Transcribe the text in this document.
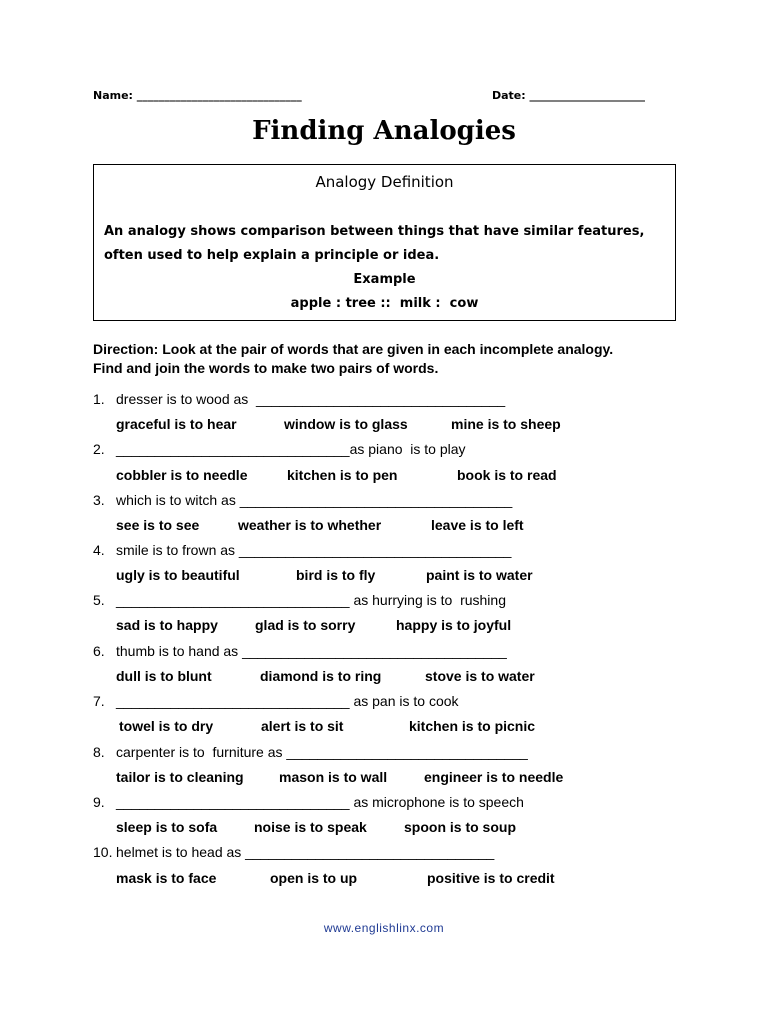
Name: ______________________________	Date: _____________________
Finding Analogies
Analogy Definition
An analogy shows comparison between things that have similar features,
often used to help explain a principle or idea.
Example
apple : tree ::  milk :  cow
Direction: Look at the pair of words that are given in each incomplete analogy.
Find and join the words to make two pairs of words.
1. dresser is to wood as  ________________________________
graceful is to hear	window is to glass	mine is to sheep
2. ______________________________as piano  is to play
cobbler is to needle	kitchen is to pen	book is to read
3. which is to witch as ___________________________________
see is to see	weather is to whether	leave is to left
4. smile is to frown as ___________________________________
ugly is to beautiful	bird is to fly	paint is to water
5. ______________________________ as hurrying is to  rushing
sad is to happy	glad is to sorry	happy is to joyful
6. thumb is to hand as __________________________________
dull is to blunt	diamond is to ring	stove is to water
7. ______________________________ as pan is to cook
towel is to dry	alert is to sit	kitchen is to picnic
8. carpenter is to  furniture as _______________________________
tailor is to cleaning	mason is to wall	engineer is to needle
9. ______________________________ as microphone is to speech
sleep is to sofa	noise is to speak	spoon is to soup
10. helmet is to head as ________________________________
mask is to face	open is to up	positive is to credit
www.englishlinx.com
